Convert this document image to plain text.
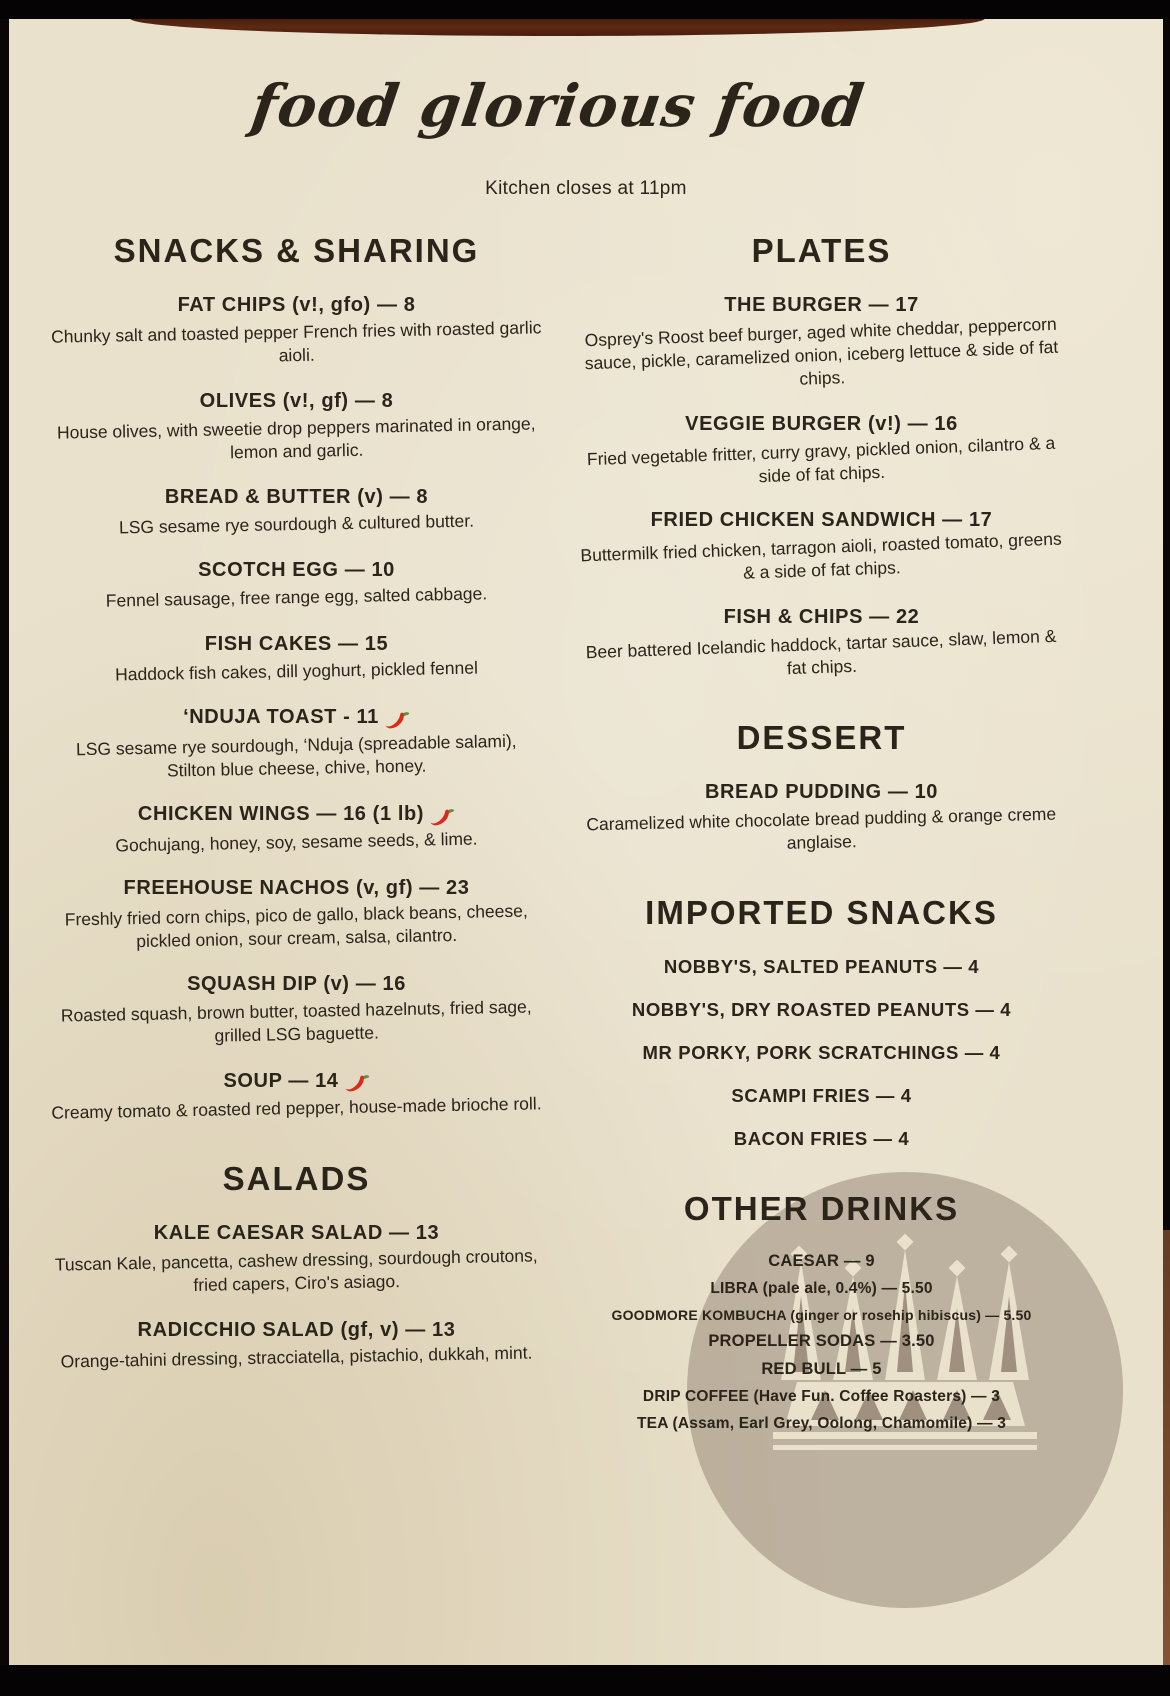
food glorious food

Kitchen closes at 11pm

SNACKS & SHARING
FAT CHIPS (v!, gfo) — 8

Chunky salt and toasted pepper French fries with roasted garlic aioli.

OLIVES (v!, gf) — 8

House olives, with sweetie drop peppers marinated in orange, lemon and garlic.

BREAD & BUTTER (v) — 8

LSG sesame rye sourdough & cultured butter.

SCOTCH EGG — 10

Fennel sausage, free range egg, salted cabbage.

FISH CAKES — 15

Haddock fish cakes, dill yoghurt, pickled fennel

‘NDUJA TOAST - 11

LSG sesame rye sourdough, ‘Nduja (spreadable salami), Stilton blue cheese, chive, honey.

CHICKEN WINGS — 16 (1 lb)

Gochujang, honey, soy, sesame seeds, & lime.

FREEHOUSE NACHOS (v, gf) — 23

Freshly fried corn chips, pico de gallo, black beans, cheese, pickled onion, sour cream, salsa, cilantro.

SQUASH DIP (v) — 16

Roasted squash, brown butter, toasted hazelnuts, fried sage, grilled LSG baguette.

SOUP — 14

Creamy tomato & roasted red pepper, house-made brioche roll.

SALADS
KALE CAESAR SALAD — 13

Tuscan Kale, pancetta, cashew dressing, sourdough croutons, fried capers, Ciro's asiago.

RADICCHIO SALAD (gf, v) — 13

Orange-tahini dressing, stracciatella, pistachio, dukkah, mint.

PLATES
THE BURGER — 17

Osprey's Roost beef burger, aged white cheddar, peppercorn sauce, pickle, caramelized onion, iceberg lettuce & side of fat chips.

VEGGIE BURGER (v!) — 16

Fried vegetable fritter, curry gravy, pickled onion, cilantro & a side of fat chips.

FRIED CHICKEN SANDWICH — 17

Buttermilk fried chicken, tarragon aioli, roasted tomato, greens & a side of fat chips.

FISH & CHIPS — 22

Beer battered Icelandic haddock, tartar sauce, slaw, lemon & fat chips.

DESSERT
BREAD PUDDING — 10

Caramelized white chocolate bread pudding & orange creme anglaise.

IMPORTED SNACKS
NOBBY'S, SALTED PEANUTS — 4
NOBBY'S, DRY ROASTED PEANUTS — 4
MR PORKY, PORK SCRATCHINGS — 4
SCAMPI FRIES — 4
BACON FRIES — 4
OTHER DRINKS
CAESAR — 9
LIBRA (pale ale, 0.4%) — 5.50
GOODMORE KOMBUCHA (ginger or rosehip hibiscus) — 5.50
PROPELLER SODAS — 3.50
RED BULL — 5
DRIP COFFEE (Have Fun. Coffee Roasters) — 3
TEA (Assam, Earl Grey, Oolong, Chamomile) — 3
